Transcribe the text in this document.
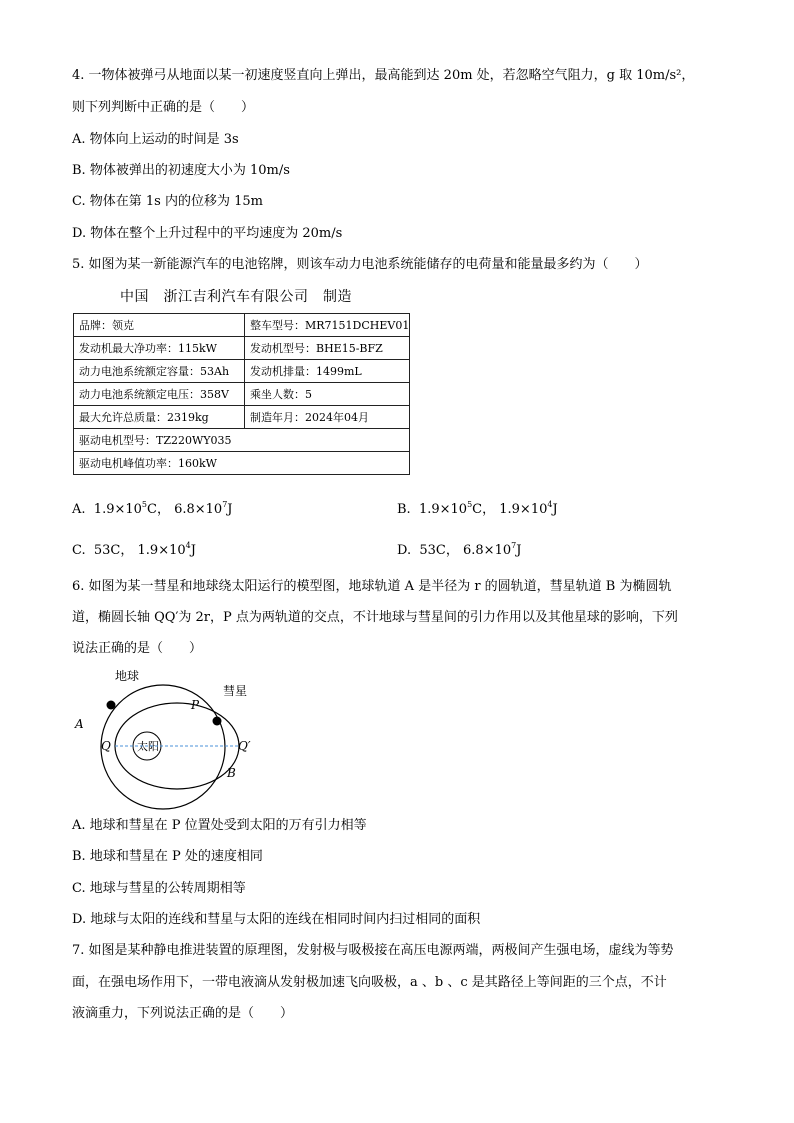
4. 一物体被弹弓从地面以某一初速度竖直向上弹出，最高能到达 20m 处，若忽略空气阻力，g 取 10m/s²，
则下列判断中正确的是（　　）
A. 物体向上运动的时间是 3s
B. 物体被弹出的初速度大小为 10m/s
C. 物体在第 1s 内的位移为 15m
D. 物体在整个上升过程中的平均速度为 20m/s
5. 如图为某一新能源汽车的电池铭牌，则该车动力电池系统能储存的电荷量和能量最多约为（　　）
中国　浙江吉利汽车有限公司　制造
品牌：领克	整车型号：MR7151DCHEV01
发动机最大净功率：115kW	发动机型号：BHE15-BFZ
动力电池系统额定容量：53Ah	发动机排量：1499mL
动力电池系统额定电压：358V	乘坐人数：5
最大允许总质量：2319kg	制造年月：2024年04月
驱动电机型号：TZ220WY035	
驱动电机峰值功率：160kW	
A. $1.9\times 10^5C$， $6.8\times 10^7J$	B. $1.9\times 10^5C$， $1.9\times 10^4J$
C. 53C， $1.9\times 10^4J$	D. 53C， $6.8\times 10^7J$
6. 如图为某一彗星和地球绕太阳运行的模型图，地球轨道 A 是半径为 r 的圆轨道，彗星轨道 B 为椭圆轨
道，椭圆长轴 QQ′为 2r，P 点为两轨道的交点，不计地球与彗星间的引力作用以及其他星球的影响，下列
说法正确的是（　　）
太阳
地球
彗星
A
B
P
Q	Q′
A. 地球和彗星在 P 位置处受到太阳的万有引力相等
B. 地球和彗星在 P 处的速度相同
C. 地球与彗星的公转周期相等
D. 地球与太阳的连线和彗星与太阳的连线在相同时间内扫过相同的面积
7. 如图是某种静电推进装置的原理图，发射极与吸极接在高压电源两端，两极间产生强电场，虚线为等势
面，在强电场作用下，一带电液滴从发射极加速飞向吸极，a 、b 、c 是其路径上等间距的三个点，不计
液滴重力，下列说法正确的是（　　）
